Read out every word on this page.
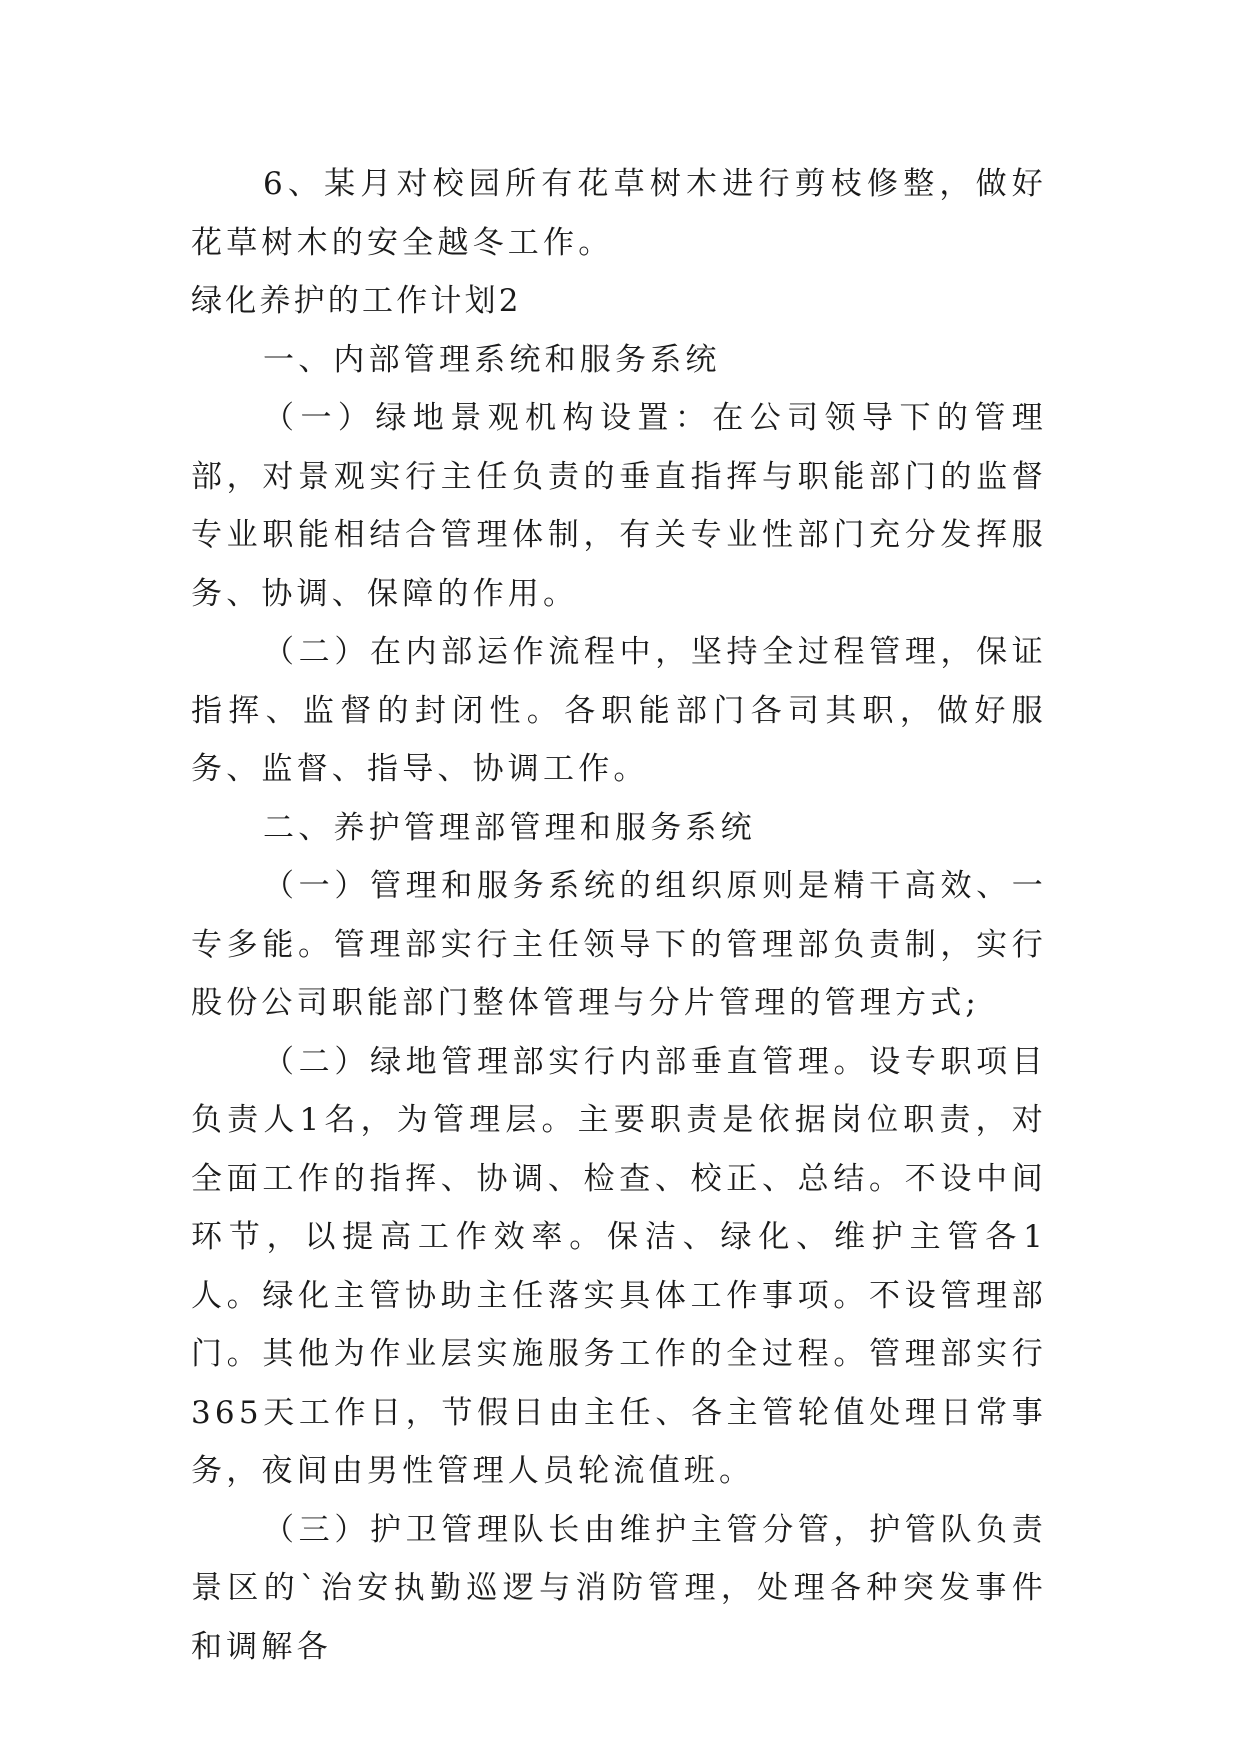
6、某月对校园所有花草树木进行剪枝修整，做好花草树木的安全越冬工作。

绿化养护的工作计划2

一、内部管理系统和服务系统

（一）绿地景观机构设置：在公司领导下的管理部，对景观实行主任负责的垂直指挥与职能部门的监督专业职能相结合管理体制，有关专业性部门充分发挥服务、协调、保障的作用。

（二）在内部运作流程中，坚持全过程管理，保证指挥、监督的封闭性。各职能部门各司其职，做好服务、监督、指导、协调工作。

二、养护管理部管理和服务系统

（一）管理和服务系统的组织原则是精干高效、一专多能。管理部实行主任领导下的管理部负责制，实行股份公司职能部门整体管理与分片管理的管理方式;

（二）绿地管理部实行内部垂直管理。设专职项目负责人1名，为管理层。主要职责是依据岗位职责，对全面工作的指挥、协调、检查、校正、总结。不设中间环节，以提高工作效率。保洁、绿化、维护主管各1人。绿化主管协助主任落实具体工作事项。不设管理部门。其他为作业层实施服务工作的全过程。管理部实行365天工作日，节假日由主任、各主管轮值处理日常事务，夜间由男性管理人员轮流值班。

（三）护卫管理队长由维护主管分管，护管队负责景区的`治安执勤巡逻与消防管理，处理各种突发事件和调解各
